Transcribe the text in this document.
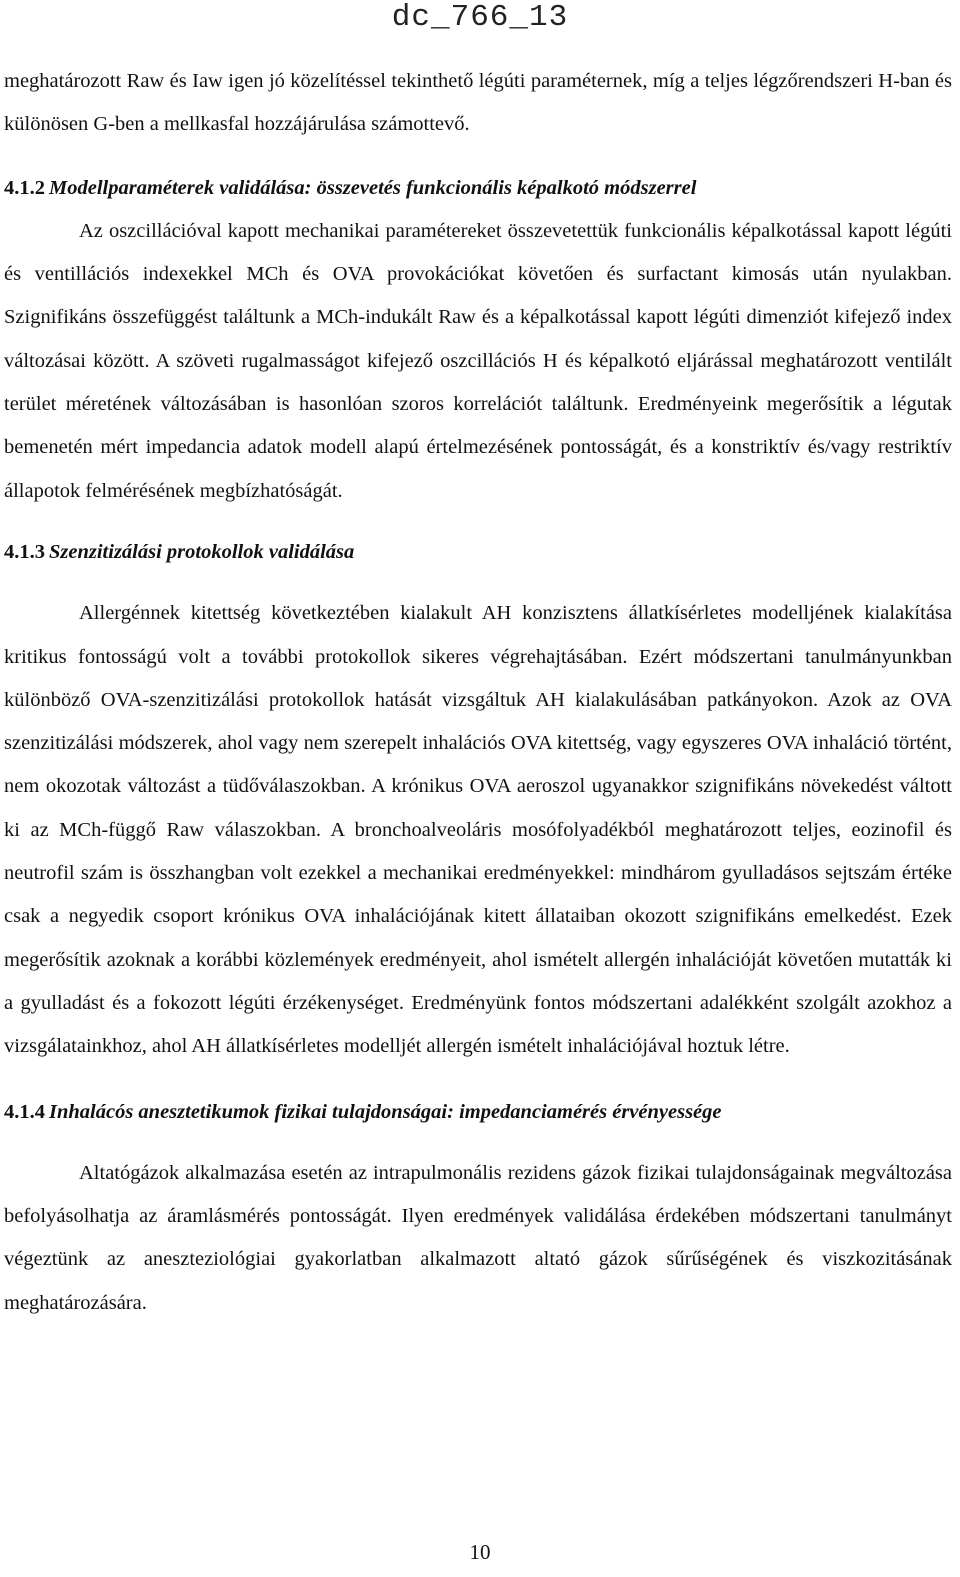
dc_766_13

meghatározott Raw és Iaw igen jó közelítéssel tekinthető légúti paraméternek, míg a teljes légzőrendszeri H-ban és különösen G-ben a mellkasfal hozzájárulása számottevő.

4.1.2 Modellparaméterek validálása: összevetés funkcionális képalkotó módszerrel

Az oszcillációval kapott mechanikai paramétereket összevetettük funkcionális képalkotással kapott légúti és ventillációs indexekkel MCh és OVA provokációkat követően és surfactant kimosás után nyulakban. Szignifikáns összefüggést találtunk a MCh-indukált Raw és a képalkotással kapott légúti dimenziót kifejező index változásai között. A szöveti rugalmasságot kifejező oszcillációs H és képalkotó eljárással meghatározott ventilált terület méretének változásában is hasonlóan szoros korrelációt találtunk. Eredményeink megerősítik a légutak bemenetén mért impedancia adatok modell alapú értelmezésének pontosságát, és a konstriktív és/vagy restriktív állapotok felmérésének megbízhatóságát.

4.1.3 Szenzitizálási protokollok validálása

Allergénnek kitettség következtében kialakult AH konzisztens állatkísérletes modelljének kialakítása kritikus fontosságú volt a további protokollok sikeres végrehajtásában. Ezért módszertani tanulmányunkban különböző OVA-szenzitizálási protokollok hatását vizsgáltuk AH kialakulásában patkányokon. Azok az OVA szenzitizálási módszerek, ahol vagy nem szerepelt inhalációs OVA kitettség, vagy egyszeres OVA inhaláció történt, nem okozotak változást a tüdőválaszokban. A krónikus OVA aeroszol ugyanakkor szignifikáns növekedést váltott ki az MCh-függő Raw válaszokban. A bronchoalveoláris mosófolyadékból meghatározott teljes, eozinofil és neutrofil szám is összhangban volt ezekkel a mechanikai eredményekkel: mindhárom gyulladásos sejtszám értéke csak a negyedik csoport krónikus OVA inhalációjának kitett állataiban okozott szignifikáns emelkedést. Ezek megerősítik azoknak a korábbi közlemények eredményeit, ahol ismételt allergén inhalációját követően mutatták ki a gyulladást és a fokozott légúti érzékenységet. Eredményünk fontos módszertani adalékként szolgált azokhoz a vizsgálatainkhoz, ahol AH állatkísérletes modelljét allergén ismételt inhalációjával hoztuk létre.

4.1.4 Inhalácós anesztetikumok fizikai tulajdonságai: impedanciamérés érvényessége

Altatógázok alkalmazása esetén az intrapulmonális rezidens gázok fizikai tulajdonságainak megváltozása befolyásolhatja az áramlásmérés pontosságát. Ilyen eredmények validálása érdekében módszertani tanulmányt végeztünk az aneszteziológiai gyakorlatban alkalmazott altató gázok sűrűségének és viszkozitásának meghatározására.

10
